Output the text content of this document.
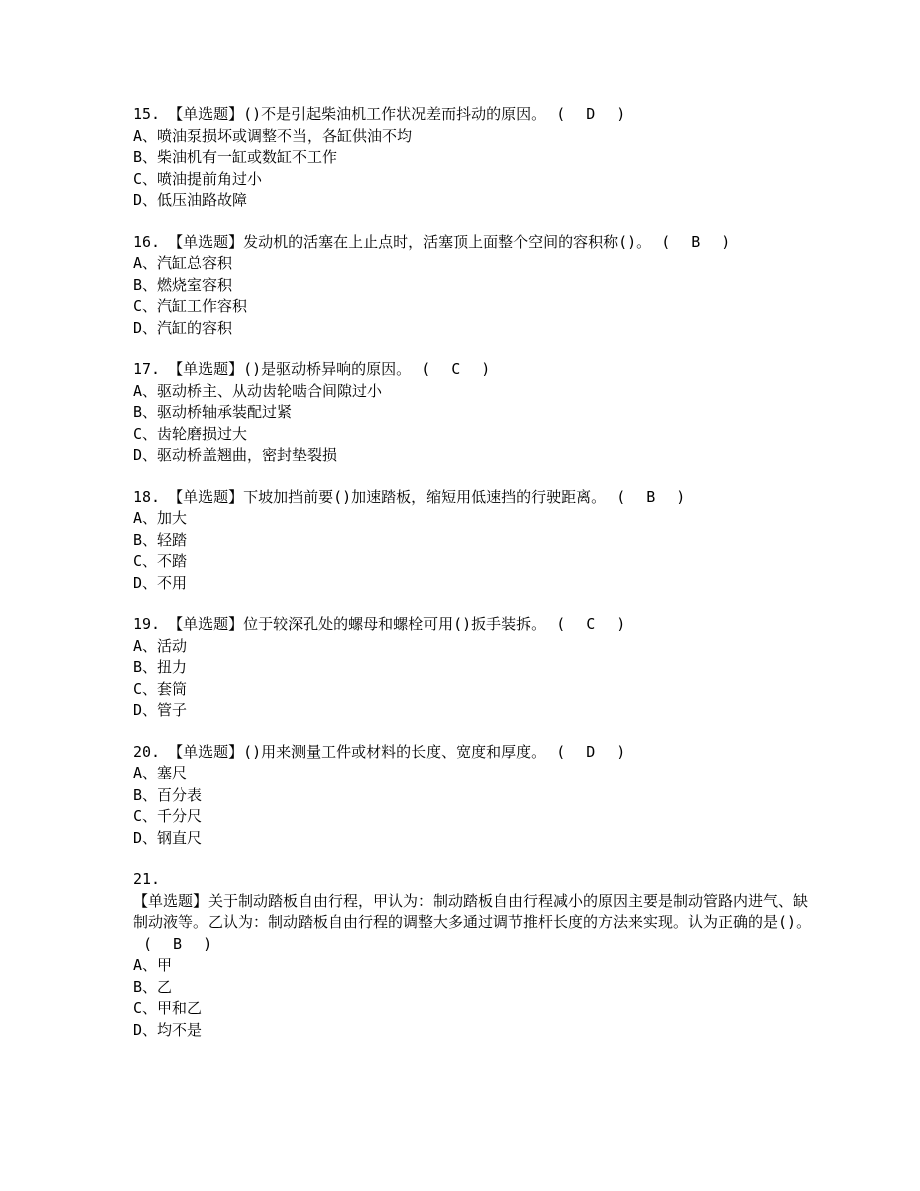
15. 【单选题】()不是引起柴油机工作状况差而抖动的原因。 ( D )
A、喷油泵损坏或调整不当，各缸供油不均
B、柴油机有一缸或数缸不工作
C、喷油提前角过小
D、低压油路故障
16. 【单选题】发动机的活塞在上止点时，活塞顶上面整个空间的容积称()。 ( B )
A、汽缸总容积
B、燃烧室容积
C、汽缸工作容积
D、汽缸的容积
17. 【单选题】()是驱动桥异响的原因。 ( C )
A、驱动桥主、从动齿轮啮合间隙过小
B、驱动桥轴承装配过紧
C、齿轮磨损过大
D、驱动桥盖翘曲，密封垫裂损
18. 【单选题】下坡加挡前要()加速踏板，缩短用低速挡的行驶距离。 ( B )
A、加大
B、轻踏
C、不踏
D、不用
19. 【单选题】位于较深孔处的螺母和螺栓可用()扳手装拆。 ( C )
A、活动
B、扭力
C、套筒
D、管子
20. 【单选题】()用来测量工件或材料的长度、宽度和厚度。 ( D )
A、塞尺
B、百分表
C、千分尺
D、钢直尺
21.
【单选题】关于制动踏板自由行程，甲认为：制动踏板自由行程减小的原因主要是制动管路内进气、缺制动液等。乙认为：制动踏板自由行程的调整大多通过调节推杆长度的方法来实现。认为正确的是()。( B )
A、甲
B、乙
C、甲和乙
D、均不是
